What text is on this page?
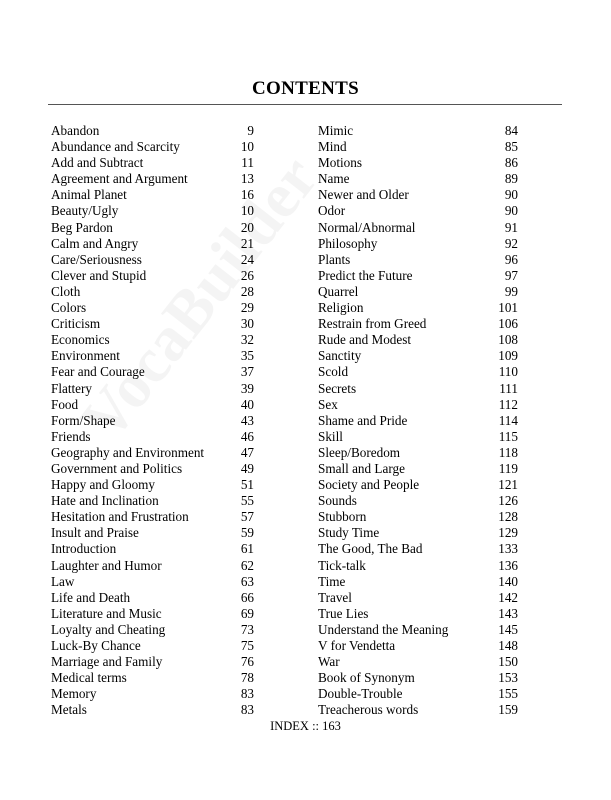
CONTENTS
Abandon	9
Abundance and Scarcity	10
Add and Subtract	11
Agreement and Argument	13
Animal Planet	16
Beauty/Ugly	10
Beg Pardon	20
Calm and Angry	21
Care/Seriousness	24
Clever and Stupid	26
Cloth	28
Colors	29
Criticism	30
Economics	32
Environment	35
Fear and Courage	37
Flattery	39
Food	40
Form/Shape	43
Friends	46
Geography and Environment	47
Government and Politics	49
Happy and Gloomy	51
Hate and Inclination	55
Hesitation and Frustration	57
Insult and Praise	59
Introduction	61
Laughter and Humor	62
Law	63
Life and Death	66
Literature and Music	69
Loyalty and Cheating	73
Luck-By Chance	75
Marriage and Family	76
Medical terms	78
Memory	83
Metals	83
Mimic	84
Mind	85
Motions	86
Name	89
Newer and Older	90
Odor	90
Normal/Abnormal	91
Philosophy	92
Plants	96
Predict the Future	97
Quarrel	99
Religion	101
Restrain from Greed	106
Rude and Modest	108
Sanctity	109
Scold	110
Secrets	111
Sex	112
Shame and Pride	114
Skill	115
Sleep/Boredom	118
Small and Large	119
Society and People	121
Sounds	126
Stubborn	128
Study Time	129
The Good, The Bad	133
Tick-talk	136
Time	140
Travel	142
True Lies	143
Understand the Meaning	145
V for Vendetta	148
War	150
Book of Synonym	153
Double-Trouble	155
Treacherous words	159
INDEX :: 163
